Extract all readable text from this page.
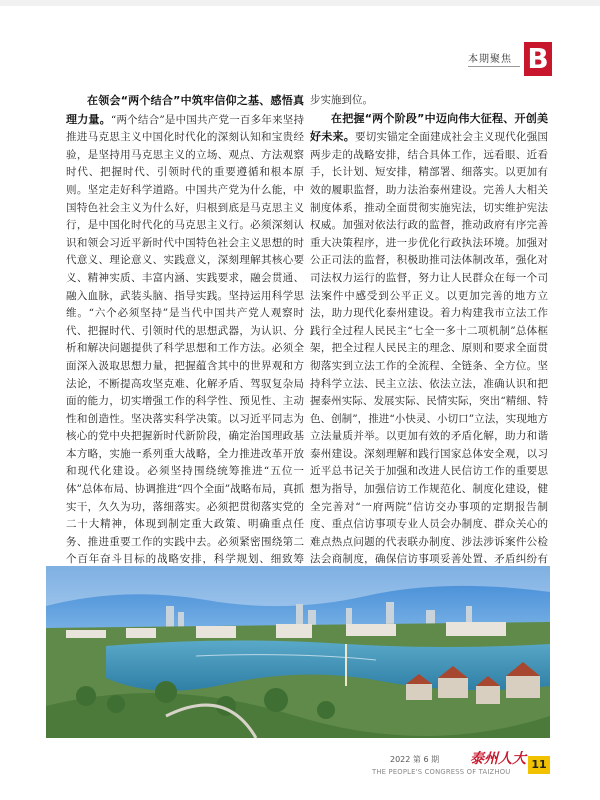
本期聚焦 B

在领会“两个结合”中筑牢信仰之基、感悟真理力量。“两个结合”是中国共产党一百多年来坚持推进马克思主义中国化时代化的深刻认知和宝贵经验，是坚持用马克思主义的立场、观点、方法观察时代、把握时代、引领时代的重要遵循和根本原则。坚定走好科学道路。中国共产党为什么能，中国特色社会主义为什么好，归根到底是马克思主义行，是中国化时代化的马克思主义行。必须深刻认识和领会习近平新时代中国特色社会主义思想的时代意义、理论意义、实践意义，深刻理解其核心要义、精神实质、丰富内涵、实践要求，融会贯通、融入血脉，武装头脑、指导实践。坚持运用科学思维。“六个必须坚持”是当代中国共产党人观察时代、把握时代、引领时代的思想武器，为认识、分析和解决问题提供了科学思想和工作方法。必须全面深入汲取思想力量，把握蕴含其中的世界观和方法论，不断提高攻坚克难、化解矛盾、驾驭复杂局面的能力，切实增强工作的科学性、预见性、主动性和创造性。坚决落实科学决策。以习近平同志为核心的党中央把握新时代新阶段，确定治国理政基本方略，实施一系列重大战略，全力推进改革开放和现代化建设。必须坚持围绕统筹推进“五位一体”总体布局、协调推进“四个全面”战略布局，真抓实干，久久为功，落细落实。必须把贯彻落实党的二十大精神，体现到制定重大政策、明确重点任务、推进重要工作的实践中去。必须紧密围绕第二个百年奋斗目标的战略安排，科学规划、细致筹

步实施到位。

在把握“两个阶段”中迈向伟大征程、开创美好未来。要切实锚定全面建成社会主义现代化强国两步走的战略安排，结合具体工作，远看眼、近看手，长计划、短安排，精部署、细落实。以更加有效的履职监督，助力法治泰州建设。完善人大相关制度体系，推动全面贯彻实施宪法，切实维护宪法权威。加强对依法行政的监督，推动政府有序完善重大决策程序，进一步优化行政执法环境。加强对公正司法的监督，积极助推司法体制改革，强化对司法权力运行的监督，努力让人民群众在每一个司法案件中感受到公平正义。以更加完善的地方立法，助力现代化泰州建设。着力构建我市立法工作践行全过程人民民主“七全一多十二项机制”总体框架，把全过程人民民主的理念、原则和要求全面贯彻落实到立法工作的全流程、全链条、全方位。坚持科学立法、民主立法、依法立法，准确认识和把握泰州实际、发展实际、民情实际，突出“精细、特色、创制”，推进“小快灵、小切口”立法，实现地方立法量质并举。以更加有效的矛盾化解，助力和谐泰州建设。深刻理解和践行国家总体安全观，以习近平总书记关于加强和改进人民信访工作的重要思想为指导，加强信访工作规范化、制度化建设，健全完善对“一府两院”信访交办事项的定期报告制度、重点信访事项专业人员会办制度、群众关心的难点热点问题的代表联办制度、涉法涉诉案件公检法会商制度，确保信访事项妥善处置、矛盾纠纷有

2022 第 6 期 泰州人大
THE PEOPLE'S CONGRESS OF TAIZHOU
11
